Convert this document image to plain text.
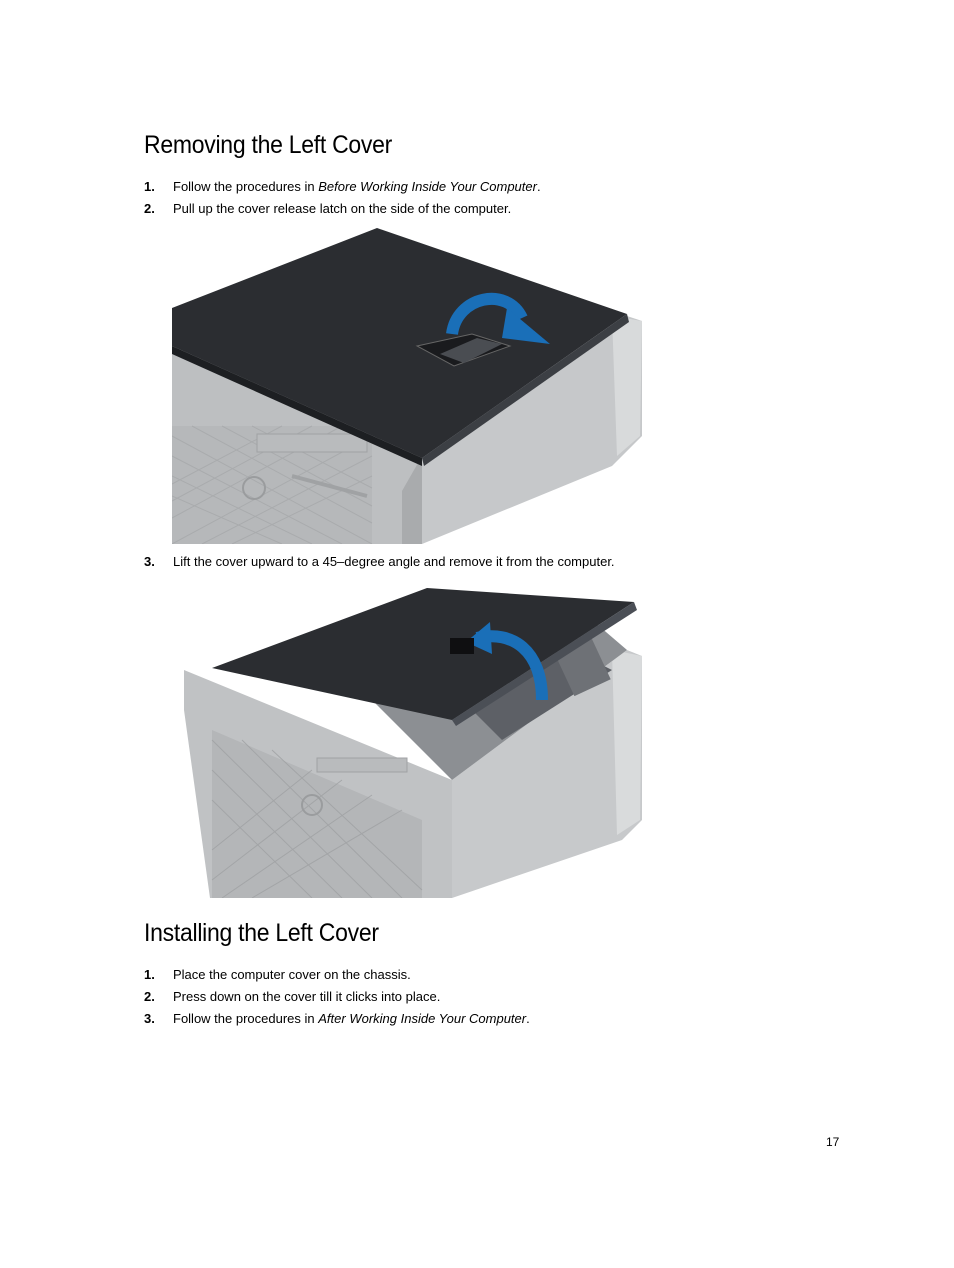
Removing the Left Cover
1. Follow the procedures in Before Working Inside Your Computer.
2. Pull up the cover release latch on the side of the computer.
3. Lift the cover upward to a 45–degree angle and remove it from the computer.
Installing the Left Cover
1. Place the computer cover on the chassis.
2. Press down on the cover till it clicks into place.
3. Follow the procedures in After Working Inside Your Computer.
17
